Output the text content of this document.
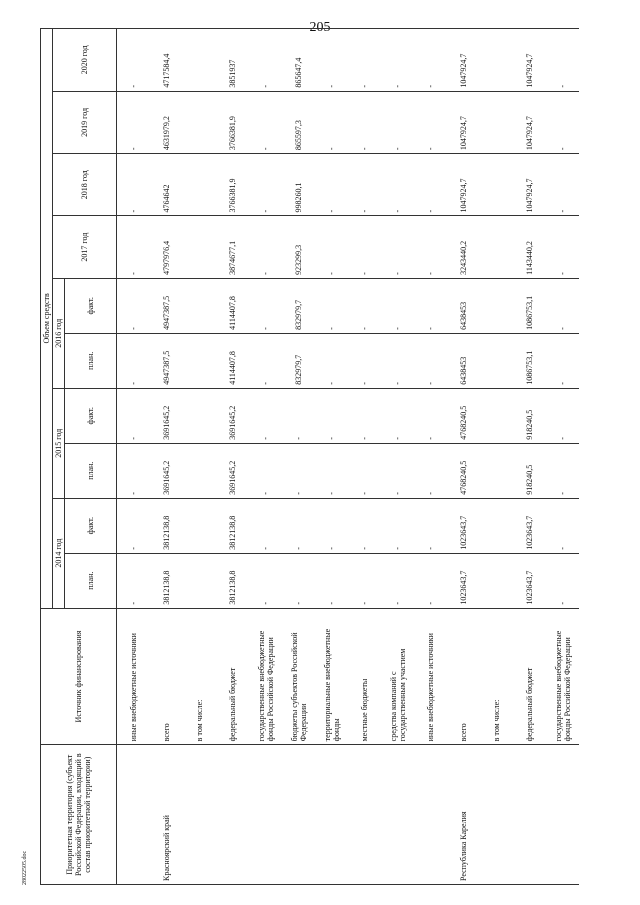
205
Приоритетная территория (субъект Российской Федерации, входящий в состав приоритетной территории)	Источник финансирования	Объем средств									
		2014 год		2015 год		2016 год		2017 год	2018 год	2019 год	2020 год
		план.	факт.	план.	факт.	план.	факт.				
	иные внебюджетные источники	-	-	-	-	-	-	-	-	-	-
Красноярский край	всего	3812138,8	3812138,8	3691645,2	3691645,2	4947387,5	4947387,5	4797976,4	4764642	4631979,2	4717584,4
	в том числе:										
	федеральный бюджет	3812138,8	3812138,8	3691645,2	3691645,2	4114407,8	4114407,8	3874677,1	3766381,9	3766381,9	3851937
	государственные внебюджетные фонды Российской Федерации	-	-	-	-	-	-	-	-	-	-
	бюджеты субъектов Российской Федерации	-	-	-	-	832979,7	832979,7	923299,3	998260,1	865597,3	865647,4
	территориальные внебюджетные фонды	-	-	-	-	-	-	-	-	-	-
	местные бюджеты	-	-	-	-	-	-	-	-	-	-
	средства компаний с государственным участием	-	-	-	-	-	-	-	-	-	-
	иные внебюджетные источники	-	-	-	-	-	-	-	-	-	-
Республика Карелия	всего	1023643,7	1023643,7	4768240,5	4768240,5	6438453	6438453	3243440,2	1047924,7	1047924,7	1047924,7
	в том числе:										
	федеральный бюджет	1023643,7	1023643,7	918240,5	918240,5	1086753,1	1086753,1	1143440,2	1047924,7	1047924,7	1047924,7
	государственные внебюджетные фонды Российской Федерации	-	-	-	-	-	-	-	-	-	-
28022505.doc
